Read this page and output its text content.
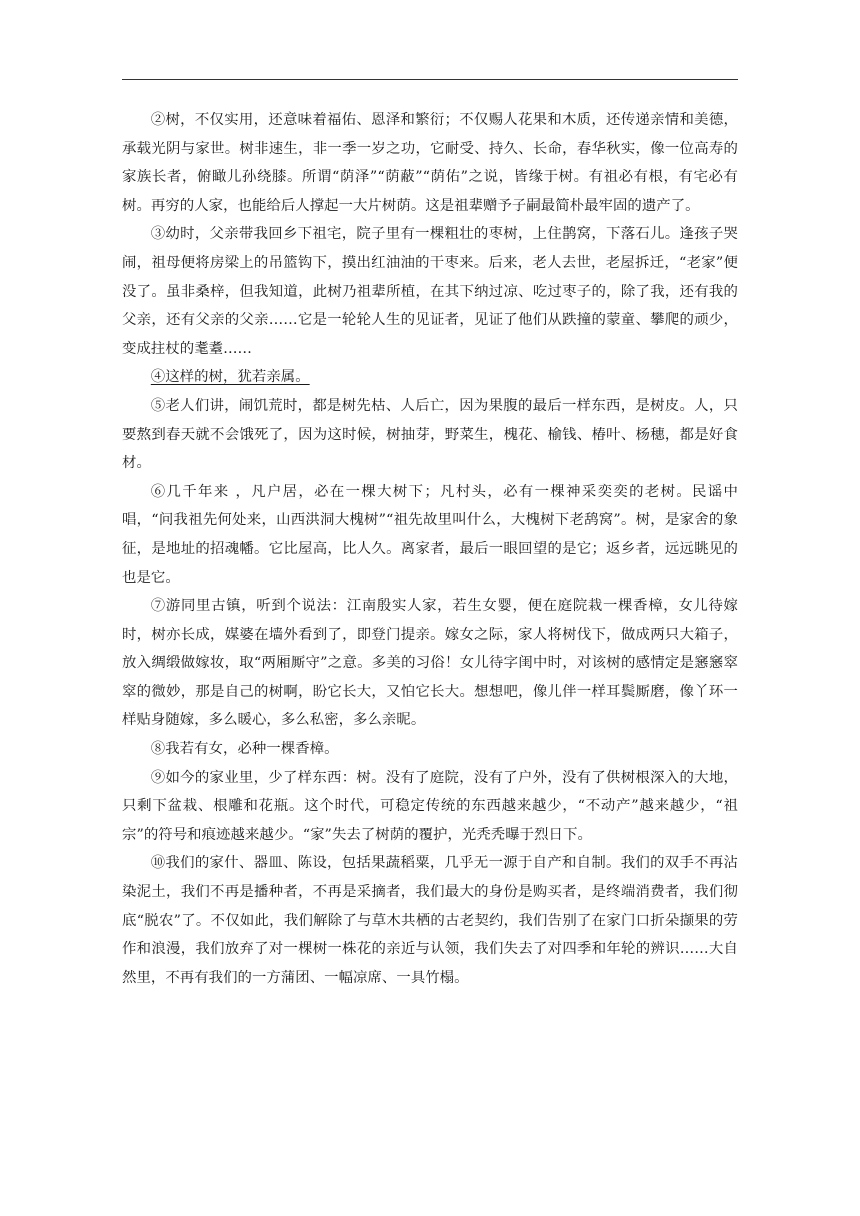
②树，不仅实用，还意味着福佑、恩泽和繁衍；不仅赐人花果和木质，还传递亲情和美德，承载光阴与家世。树非速生，非一季一岁之功，它耐受、持久、长命，春华秋实，像一位高寿的家族长者，俯瞰儿孙绕膝。所谓“荫泽”“荫蔽”“荫佑”之说，皆缘于树。有祖必有根，有宅必有树。再穷的人家，也能给后人撑起一大片树荫。这是祖辈赠予子嗣最简朴最牢固的遗产了。

③幼时，父亲带我回乡下祖宅，院子里有一棵粗壮的枣树，上住鹊窝，下落石儿。逢孩子哭闹，祖母便将房梁上的吊篮钩下，摸出红油油的干枣来。后来，老人去世，老屋拆迁，“老家”便没了。虽非桑梓，但我知道，此树乃祖辈所植，在其下纳过凉、吃过枣子的，除了我，还有我的父亲，还有父亲的父亲……它是一轮轮人生的见证者，见证了他们从跌撞的蒙童、攀爬的顽少，变成拄杖的耄耋……

④这样的树，犹若亲属。

⑤老人们讲，闹饥荒时，都是树先枯、人后亡，因为果腹的最后一样东西，是树皮。人，只要熬到春天就不会饿死了，因为这时候，树抽芽，野菜生，槐花、榆钱、椿叶、杨穗，都是好食材。

⑥几千年来 ，凡户居，必在一棵大树下；凡村头，必有一棵神采奕奕的老树。民谣中唱，“问我祖先何处来，山西洪洞大槐树”“祖先故里叫什么，大槐树下老鸹窝”。树，是家舍的象征，是地址的招魂幡。它比屋高，比人久。离家者，最后一眼回望的是它；返乡者，远远眺见的也是它。

⑦游同里古镇，听到个说法：江南殷实人家，若生女婴，便在庭院栽一棵香樟，女儿待嫁时，树亦长成，媒婆在墙外看到了，即登门提亲。嫁女之际，家人将树伐下，做成两只大箱子，放入绸缎做嫁妆，取“两厢厮守”之意。多美的习俗！女儿待字闺中时，对该树的感情定是窸窸窣窣的微妙，那是自己的树啊，盼它长大，又怕它长大。想想吧，像儿伴一样耳鬓厮磨，像丫环一样贴身随嫁，多么暖心，多么私密，多么亲昵。

⑧我若有女，必种一棵香樟。

⑨如今的家业里，少了样东西：树。没有了庭院，没有了户外，没有了供树根深入的大地，只剩下盆栽、根雕和花瓶。这个时代，可稳定传统的东西越来越少，“不动产”越来越少，“祖宗”的符号和痕迹越来越少。“家”失去了树荫的覆护，光秃秃曝于烈日下。

⑩我们的家什、器皿、陈设，包括果蔬稻粟，几乎无一源于自产和自制。我们的双手不再沾染泥土，我们不再是播种者，不再是采摘者，我们最大的身份是购买者，是终端消费者，我们彻底“脱农”了。不仅如此，我们解除了与草木共栖的古老契约，我们告别了在家门口折朵撷果的劳作和浪漫，我们放弃了对一棵树一株花的亲近与认领，我们失去了对四季和年轮的辨识……大自然里，不再有我们的一方蒲团、一幅凉席、一具竹榻。
